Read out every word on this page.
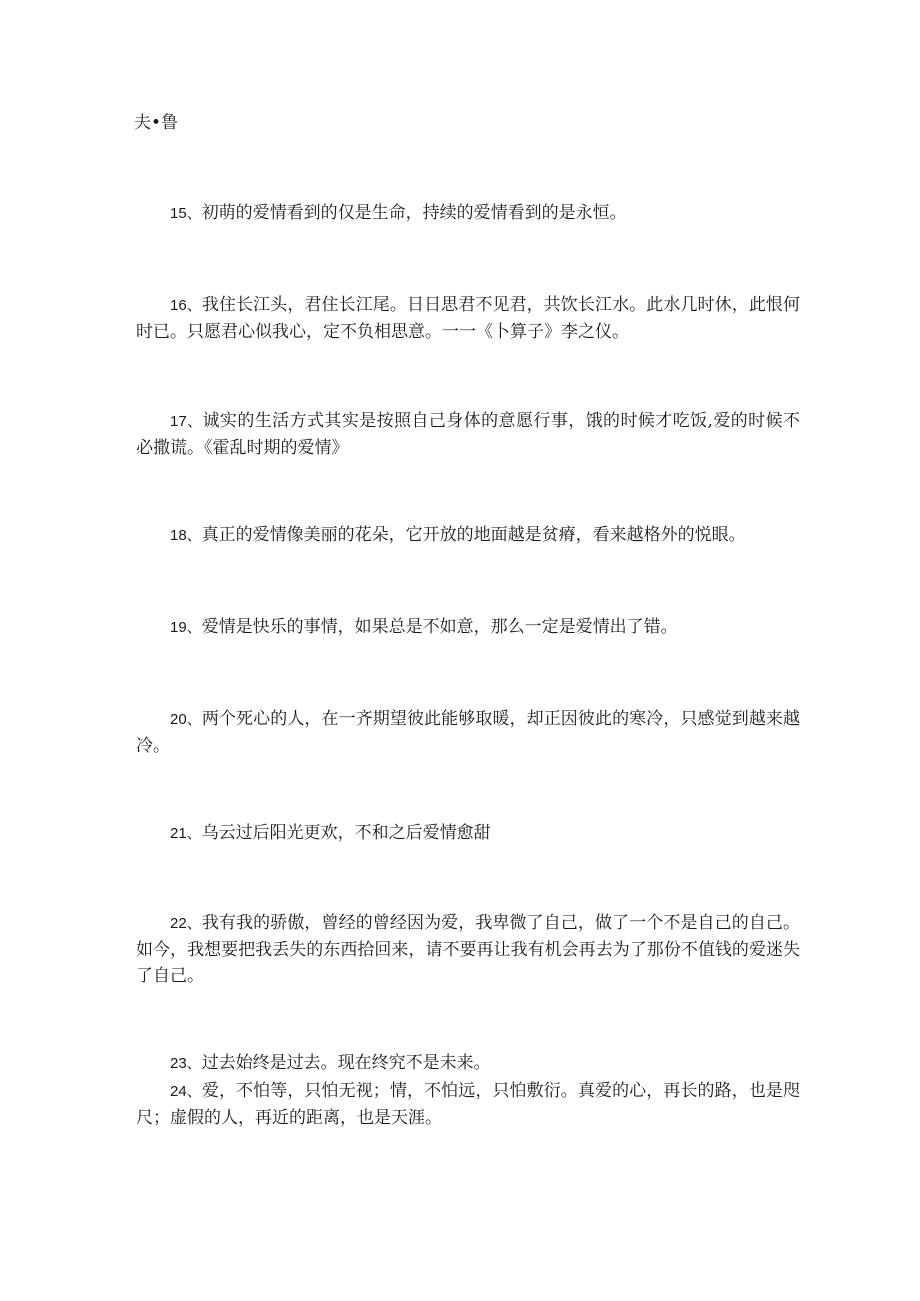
夫•鲁
15、初萌的爱情看到的仅是生命，持续的爱情看到的是永恒。
16、我住长江头，君住长江尾。日日思君不见君，共饮长江水。此水几时休，此恨何时已。只愿君心似我心，定不负相思意。一一《卜算子》李之仪。
17、诚实的生活方式其实是按照自己身体的意愿行事，饿的时候才吃饭,爱的时候不必撒谎。《霍乱时期的爱情》
18、真正的爱情像美丽的花朵，它开放的地面越是贫瘠，看来越格外的悦眼。
19、爱情是快乐的事情，如果总是不如意，那么一定是爱情出了错。
20、两个死心的人，在一齐期望彼此能够取暖，却正因彼此的寒冷，只感觉到越来越冷。
21、乌云过后阳光更欢，不和之后爱情愈甜
22、我有我的骄傲，曾经的曾经因为爱，我卑微了自己，做了一个不是自己的自己。如今，我想要把我丢失的东西拾回来，请不要再让我有机会再去为了那份不值钱的爱迷失了自己。
23、过去始终是过去。现在终究不是未来。
24、爱，不怕等，只怕无视；情，不怕远，只怕敷衍。真爱的心，再长的路，也是咫尺；虚假的人，再近的距离，也是天涯。
